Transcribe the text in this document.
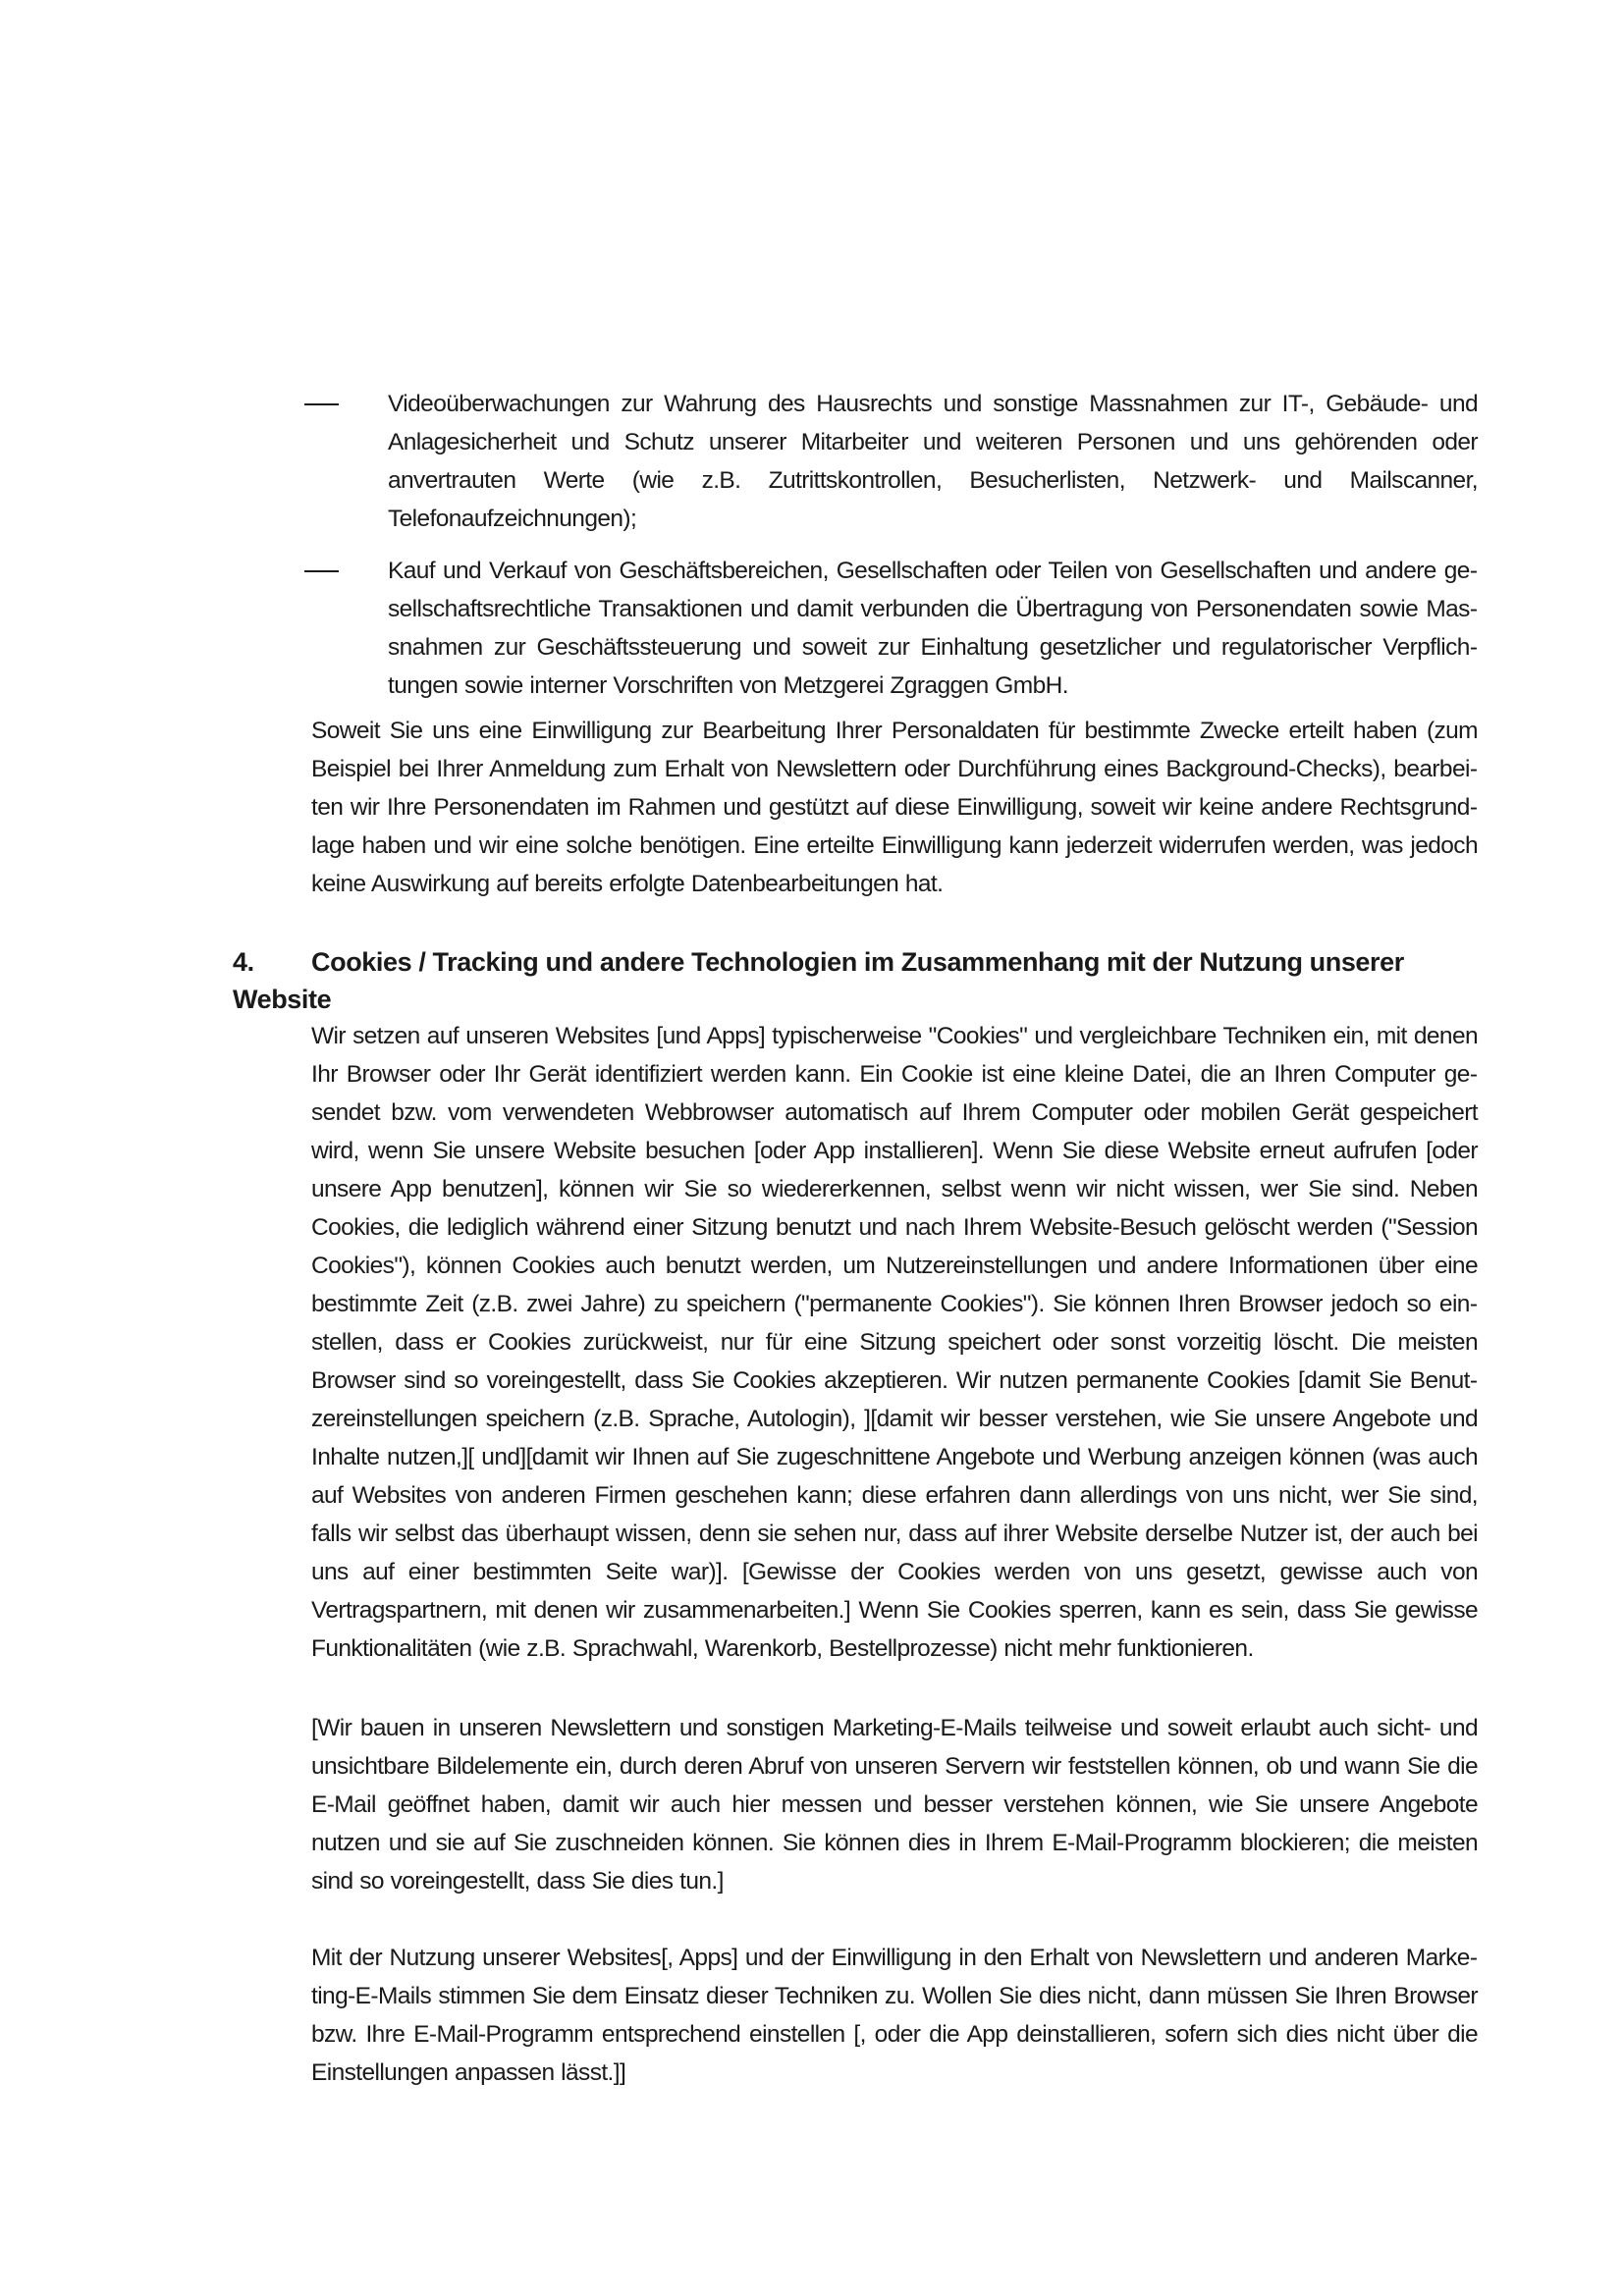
Videoüberwachungen zur Wahrung des Hausrechts und sonstige Massnahmen zur IT-, Gebäude- und Anlagesicherheit und Schutz unserer Mitarbeiter und weiteren Personen und uns gehörenden oder anvertrauten Werte (wie z.B. Zutrittskontrollen, Besucherlisten, Netzwerk- und Mailscanner, Telefonaufzeichnungen);
Kauf und Verkauf von Geschäftsbereichen, Gesellschaften oder Teilen von Gesellschaften und andere gesellschaftsrechtliche Transaktionen und damit verbunden die Übertragung von Personendaten sowie Massnahmen zur Geschäftssteuerung und soweit zur Einhaltung gesetzlicher und regulatorischer Verpflichtungen sowie interner Vorschriften von Metzgerei Zgraggen GmbH.

Soweit Sie uns eine Einwilligung zur Bearbeitung Ihrer Personaldaten für bestimmte Zwecke erteilt haben (zum Beispiel bei Ihrer Anmeldung zum Erhalt von Newslettern oder Durchführung eines Background-Checks), bearbeiten wir Ihre Personendaten im Rahmen und gestützt auf diese Einwilligung, soweit wir keine andere Rechtsgrundlage haben und wir eine solche benötigen. Eine erteilte Einwilligung kann jederzeit widerrufen werden, was jedoch keine Auswirkung auf bereits erfolgte Datenbearbeitungen hat.

4. Cookies / Tracking und andere Technologien im Zusammenhang mit der Nutzung unserer Website

Wir setzen auf unseren Websites [und Apps] typischerweise "Cookies" und vergleichbare Techniken ein, mit denen Ihr Browser oder Ihr Gerät identifiziert werden kann. Ein Cookie ist eine kleine Datei, die an Ihren Computer gesendet bzw. vom verwendeten Webbrowser automatisch auf Ihrem Computer oder mobilen Gerät gespeichert wird, wenn Sie unsere Website besuchen [oder App installieren]. Wenn Sie diese Website erneut aufrufen [oder unsere App benutzen], können wir Sie so wiedererkennen, selbst wenn wir nicht wissen, wer Sie sind. Neben Cookies, die lediglich während einer Sitzung benutzt und nach Ihrem Website-Besuch gelöscht werden ("Session Cookies"), können Cookies auch benutzt werden, um Nutzereinstellungen und andere Informationen über eine bestimmte Zeit (z.B. zwei Jahre) zu speichern ("permanente Cookies"). Sie können Ihren Browser jedoch so einstellen, dass er Cookies zurückweist, nur für eine Sitzung speichert oder sonst vorzeitig löscht. Die meisten Browser sind so voreingestellt, dass Sie Cookies akzeptieren. Wir nutzen permanente Cookies [damit Sie Benutzereinstellungen speichern (z.B. Sprache, Autologin), ][damit wir besser verstehen, wie Sie unsere Angebote und Inhalte nutzen,][ und][damit wir Ihnen auf Sie zugeschnittene Angebote und Werbung anzeigen können (was auch auf Websites von anderen Firmen geschehen kann; diese erfahren dann allerdings von uns nicht, wer Sie sind, falls wir selbst das überhaupt wissen, denn sie sehen nur, dass auf ihrer Website derselbe Nutzer ist, der auch bei uns auf einer bestimmten Seite war)]. [Gewisse der Cookies werden von uns gesetzt, gewisse auch von Vertragspartnern, mit denen wir zusammenarbeiten.] Wenn Sie Cookies sperren, kann es sein, dass Sie gewisse Funktionalitäten (wie z.B. Sprachwahl, Warenkorb, Bestellprozesse) nicht mehr funktionieren.

[Wir bauen in unseren Newslettern und sonstigen Marketing-E-Mails teilweise und soweit erlaubt auch sicht- und unsichtbare Bildelemente ein, durch deren Abruf von unseren Servern wir feststellen können, ob und wann Sie die E-Mail geöffnet haben, damit wir auch hier messen und besser verstehen können, wie Sie unsere Angebote nutzen und sie auf Sie zuschneiden können. Sie können dies in Ihrem E-Mail-Programm blockieren; die meisten sind so voreingestellt, dass Sie dies tun.]

Mit der Nutzung unserer Websites[, Apps] und der Einwilligung in den Erhalt von Newslettern und anderen Marketing-E-Mails stimmen Sie dem Einsatz dieser Techniken zu. Wollen Sie dies nicht, dann müssen Sie Ihren Browser bzw. Ihre E-Mail-Programm entsprechend einstellen [, oder die App deinstallieren, sofern sich dies nicht über die Einstellungen anpassen lässt.]]
